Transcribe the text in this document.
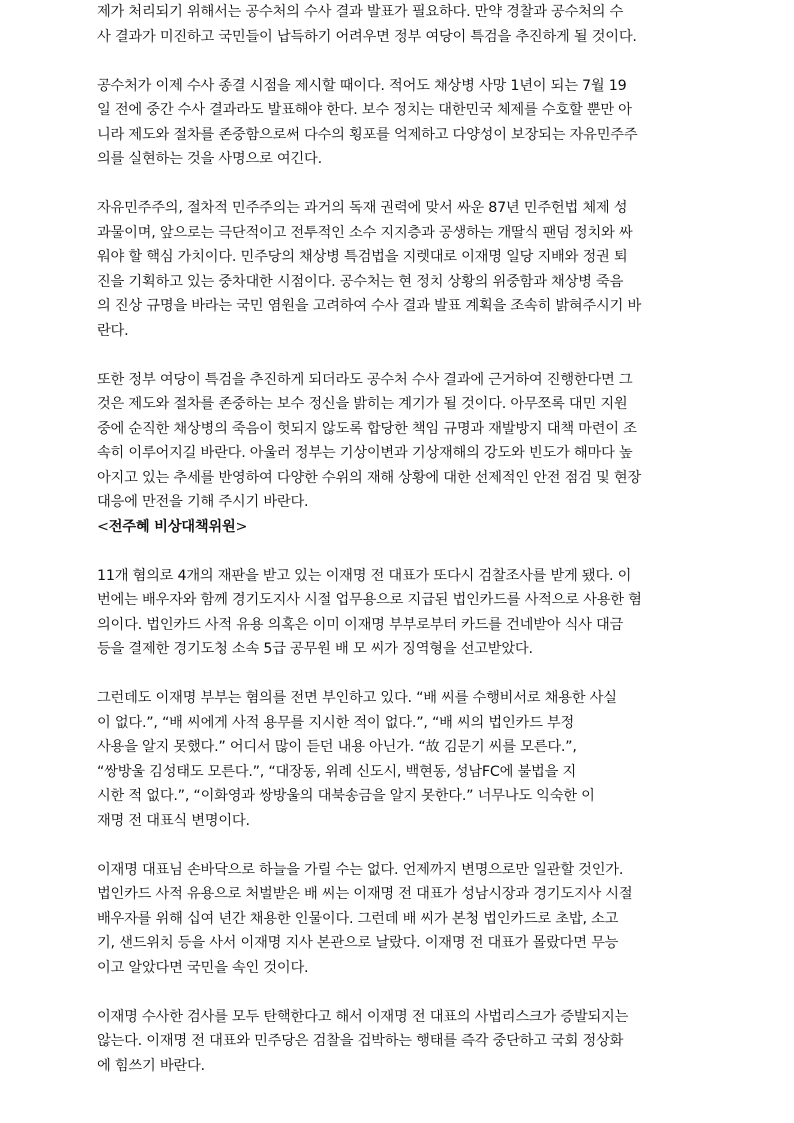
제가 처리되기 위해서는 공수처의 수사 결과 발표가 필요하다. 만약 경찰과 공수처의 수
사 결과가 미진하고 국민들이 납득하기 어려우면 정부 여당이 특검을 추진하게 될 것이다.
공수처가 이제 수사 종결 시점을 제시할 때이다. 적어도 채상병 사망 1년이 되는 7월 19
일 전에 중간 수사 결과라도 발표해야 한다. 보수 정치는 대한민국 체제를 수호할 뿐만 아
니라 제도와 절차를 존중함으로써 다수의 횡포를 억제하고 다양성이 보장되는 자유민주주
의를 실현하는 것을 사명으로 여긴다.
자유민주주의, 절차적 민주주의는 과거의 독재 권력에 맞서 싸운 87년 민주헌법 체제 성
과물이며, 앞으로는 극단적이고 전투적인 소수 지지층과 공생하는 개딸식 팬덤 정치와 싸
워야 할 핵심 가치이다. 민주당의 채상병 특검법을 지렛대로 이재명 일당 지배와 정권 퇴
진을 기획하고 있는 중차대한 시점이다. 공수처는 현 정치 상황의 위중함과 채상병 죽음
의 진상 규명을 바라는 국민 염원을 고려하여 수사 결과 발표 계획을 조속히 밝혀주시기 바
란다.
또한 정부 여당이 특검을 추진하게 되더라도 공수처 수사 결과에 근거하여 진행한다면 그
것은 제도와 절차를 존중하는 보수 정신을 밝히는 계기가 될 것이다. 아무쪼록 대민 지원
중에 순직한 채상병의 죽음이 헛되지 않도록 합당한 책임 규명과 재발방지 대책 마련이 조
속히 이루어지길 바란다. 아울러 정부는 기상이변과 기상재해의 강도와 빈도가 해마다 높
아지고 있는 추세를 반영하여 다양한 수위의 재해 상황에 대한 선제적인 안전 점검 및 현장
대응에 만전을 기해 주시기 바란다.

<전주혜 비상대책위원>

11개 혐의로 4개의 재판을 받고 있는 이재명 전 대표가 또다시 검찰조사를 받게 됐다. 이
번에는 배우자와 함께 경기도지사 시절 업무용으로 지급된 법인카드를 사적으로 사용한 혐
의이다. 법인카드 사적 유용 의혹은 이미 이재명 부부로부터 카드를 건네받아 식사 대금
등을 결제한 경기도청 소속 5급 공무원 배 모 씨가 징역형을 선고받았다.
그런데도 이재명 부부는 혐의를 전면 부인하고 있다. “배 씨를 수행비서로 채용한 사실
이 없다.”, “배 씨에게 사적 용무를 지시한 적이 없다.”, “배 씨의 법인카드 부정
사용을 알지 못했다.” 어디서 많이 듣던 내용 아닌가. “故 김문기 씨를 모른다.”,
“쌍방울 김성태도 모른다.”, “대장동, 위례 신도시, 백현동, 성남FC에 불법을 지
시한 적 없다.”, “이화영과 쌍방울의 대북송금을 알지 못한다.” 너무나도 익숙한 이
재명 전 대표식 변명이다.
이재명 대표님 손바닥으로 하늘을 가릴 수는 없다. 언제까지 변명으로만 일관할 것인가.
법인카드 사적 유용으로 처벌받은 배 씨는 이재명 전 대표가 성남시장과 경기도지사 시절
배우자를 위해 십여 년간 채용한 인물이다. 그런데 배 씨가 본청 법인카드로 초밥, 소고
기, 샌드위치 등을 사서 이재명 지사 본관으로 날랐다. 이재명 전 대표가 몰랐다면 무능
이고 알았다면 국민을 속인 것이다.
이재명 수사한 검사를 모두 탄핵한다고 해서 이재명 전 대표의 사법리스크가 증발되지는
않는다. 이재명 전 대표와 민주당은 검찰을 겁박하는 행태를 즉각 중단하고 국회 정상화
에 힘쓰기 바란다.
